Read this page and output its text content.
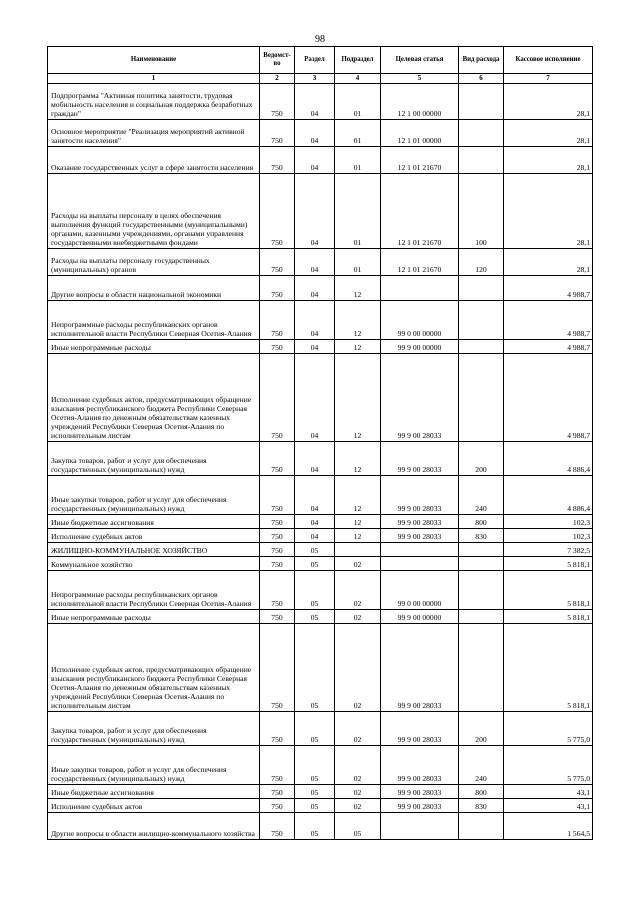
98
Наименование	Ведомст-во	Раздел	Подраздел	Целевая статья	Вид расхода	Кассовое исполнение
1	2	3	4	5	6	7
Подпрограмма "Активная политика занятости, трудовая мобильность населения и социальная поддержка безработных граждан"	750	04	01	12 1 00 00000		28,1
Основное мероприятие "Реализация мероприятий активной занятости населения"	750	04	01	12 1 01 00000		28,1
Оказание государственных услуг в сфере занятости населения	750	04	01	12 1 01 21670		28,1
Расходы на выплаты персоналу в целях обеспечения выполнения функций государственными (муниципальными) органами, казенными учреждениями, органами управления государственными внебюджетными фондами	750	04	01	12 1 01 21670	100	28,1
Расходы на выплаты персоналу государственных (муниципальных) органов	750	04	01	12 1 01 21670	120	28,1
Другие вопросы в области национальной экономики	750	04	12			4 988,7
Непрограммные расходы республиканских органов исполнительной власти Республики Северная Осетия-Алания	750	04	12	99 0 00 00000		4 988,7
Иные непрограммные расходы	750	04	12	99 9 00 00000		4 988,7
Исполнение судебных актов, предусматривающих обращение взыскания республиканского бюджета Республики Северная Осетия-Алания по денежным обязательствам казенных учреждений Республики Северная Осетия-Алания по исполнительным листам	750	04	12	99 9 00 28033		4 988,7
Закупка товаров, работ и услуг для обеспечения государственных (муниципальных) нужд	750	04	12	99 9 00 28033	200	4 886,4
Иные закупки товаров, работ и услуг для обеспечения государственных (муниципальных) нужд	750	04	12	99 9 00 28033	240	4 886,4
Иные бюджетные ассигнования	750	04	12	99 9 00 28033	800	102,3
Исполнение судебных актов	750	04	12	99 9 00 28033	830	102,3
ЖИЛИЩНО-КОММУНАЛЬНОЕ ХОЗЯЙСТВО	750	05				7 382,5
Коммунальное хозяйство	750	05	02			5 818,1
Непрограммные расходы республиканских органов исполнительной власти Республики Северная Осетия-Алания	750	05	02	99 0 00 00000		5 818,1
Иные непрограммные расходы	750	05	02	99 9 00 00000		5 818,1
Исполнение судебных актов, предусматривающих обращение взыскания республиканского бюджета Республики Северная Осетия-Алания по денежным обязательствам казенных учреждений Республики Северная Осетия-Алания по исполнительным листам	750	05	02	99 9 00 28033		5 818,1
Закупка товаров, работ и услуг для обеспечения государственных (муниципальных) нужд	750	05	02	99 9 00 28033	200	5 775,0
Иные закупки товаров, работ и услуг для обеспечения государственных (муниципальных) нужд	750	05	02	99 9 00 28033	240	5 775,0
Иные бюджетные ассигнования	750	05	02	99 9 00 28033	800	43,1
Исполнение судебных актов	750	05	02	99 9 00 28033	830	43,1
Другие вопросы в области жилищно-коммунального хозяйства	750	05	05			1 564,5
